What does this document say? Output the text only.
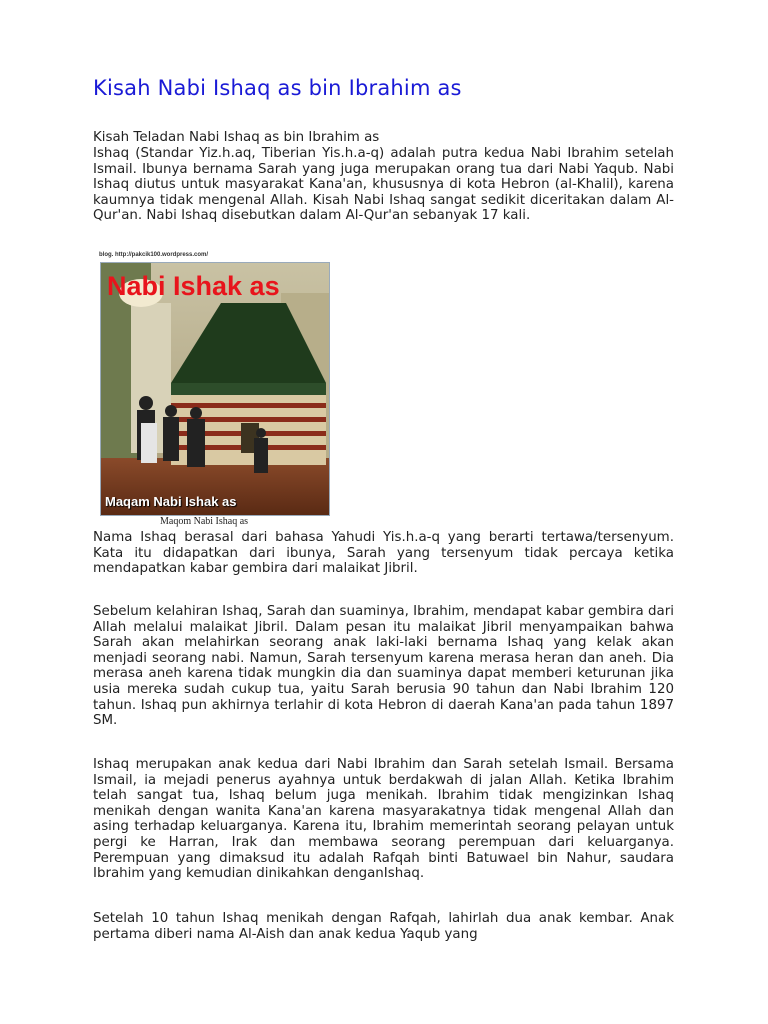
Kisah Nabi Ishaq as bin Ibrahim as

Kisah Teladan Nabi Ishaq as bin Ibrahim as

Ishaq (Standar Yiz.h.aq, Tiberian Yis.h.a-q) adalah putra kedua Nabi Ibrahim setelah Ismail. Ibunya bernama Sarah yang juga merupakan orang tua dari Nabi Yaqub. Nabi Ishaq diutus untuk masyarakat Kana'an, khususnya di kota Hebron (al-Khalil), karena kaumnya tidak mengenal Allah. Kisah Nabi Ishaq sangat sedikit diceritakan dalam Al-Qur'an. Nabi Ishaq disebutkan dalam Al-Qur'an sebanyak 17 kali.

blog. http://pakcik100.wordpress.com/
Nabi Ishak as
Maqam Nabi Ishak as
Maqom Nabi Ishaq as

Nama Ishaq berasal dari bahasa Yahudi Yis.h.a-q yang berarti tertawa/tersenyum. Kata itu didapatkan dari ibunya, Sarah yang tersenyum tidak percaya ketika mendapatkan kabar gembira dari malaikat Jibril.

Sebelum kelahiran Ishaq, Sarah dan suaminya, Ibrahim, mendapat kabar gembira dari Allah melalui malaikat Jibril. Dalam pesan itu malaikat Jibril menyampaikan bahwa Sarah akan melahirkan seorang anak laki-laki bernama Ishaq yang kelak akan menjadi seorang nabi. Namun, Sarah tersenyum karena merasa heran dan aneh. Dia merasa aneh karena tidak mungkin dia dan suaminya dapat memberi keturunan jika usia mereka sudah cukup tua, yaitu Sarah berusia 90 tahun dan Nabi Ibrahim 120 tahun. Ishaq pun akhirnya terlahir di kota Hebron di daerah Kana'an pada tahun 1897 SM.

Ishaq merupakan anak kedua dari Nabi Ibrahim dan Sarah setelah Ismail. Bersama Ismail, ia mejadi penerus ayahnya untuk berdakwah di jalan Allah. Ketika Ibrahim telah sangat tua, Ishaq belum juga menikah. Ibrahim tidak mengizinkan Ishaq menikah dengan wanita Kana'an karena masyarakatnya tidak mengenal Allah dan asing terhadap keluarganya. Karena itu, Ibrahim memerintah seorang pelayan untuk pergi ke Harran, Irak dan membawa seorang perempuan dari keluarganya. Perempuan yang dimaksud itu adalah Rafqah binti Batuwael bin Nahur, saudara Ibrahim yang kemudian dinikahkan denganIshaq.

Setelah 10 tahun Ishaq menikah dengan Rafqah, lahirlah dua anak kembar. Anak pertama diberi nama Al-Aish dan anak kedua Yaqub yang
